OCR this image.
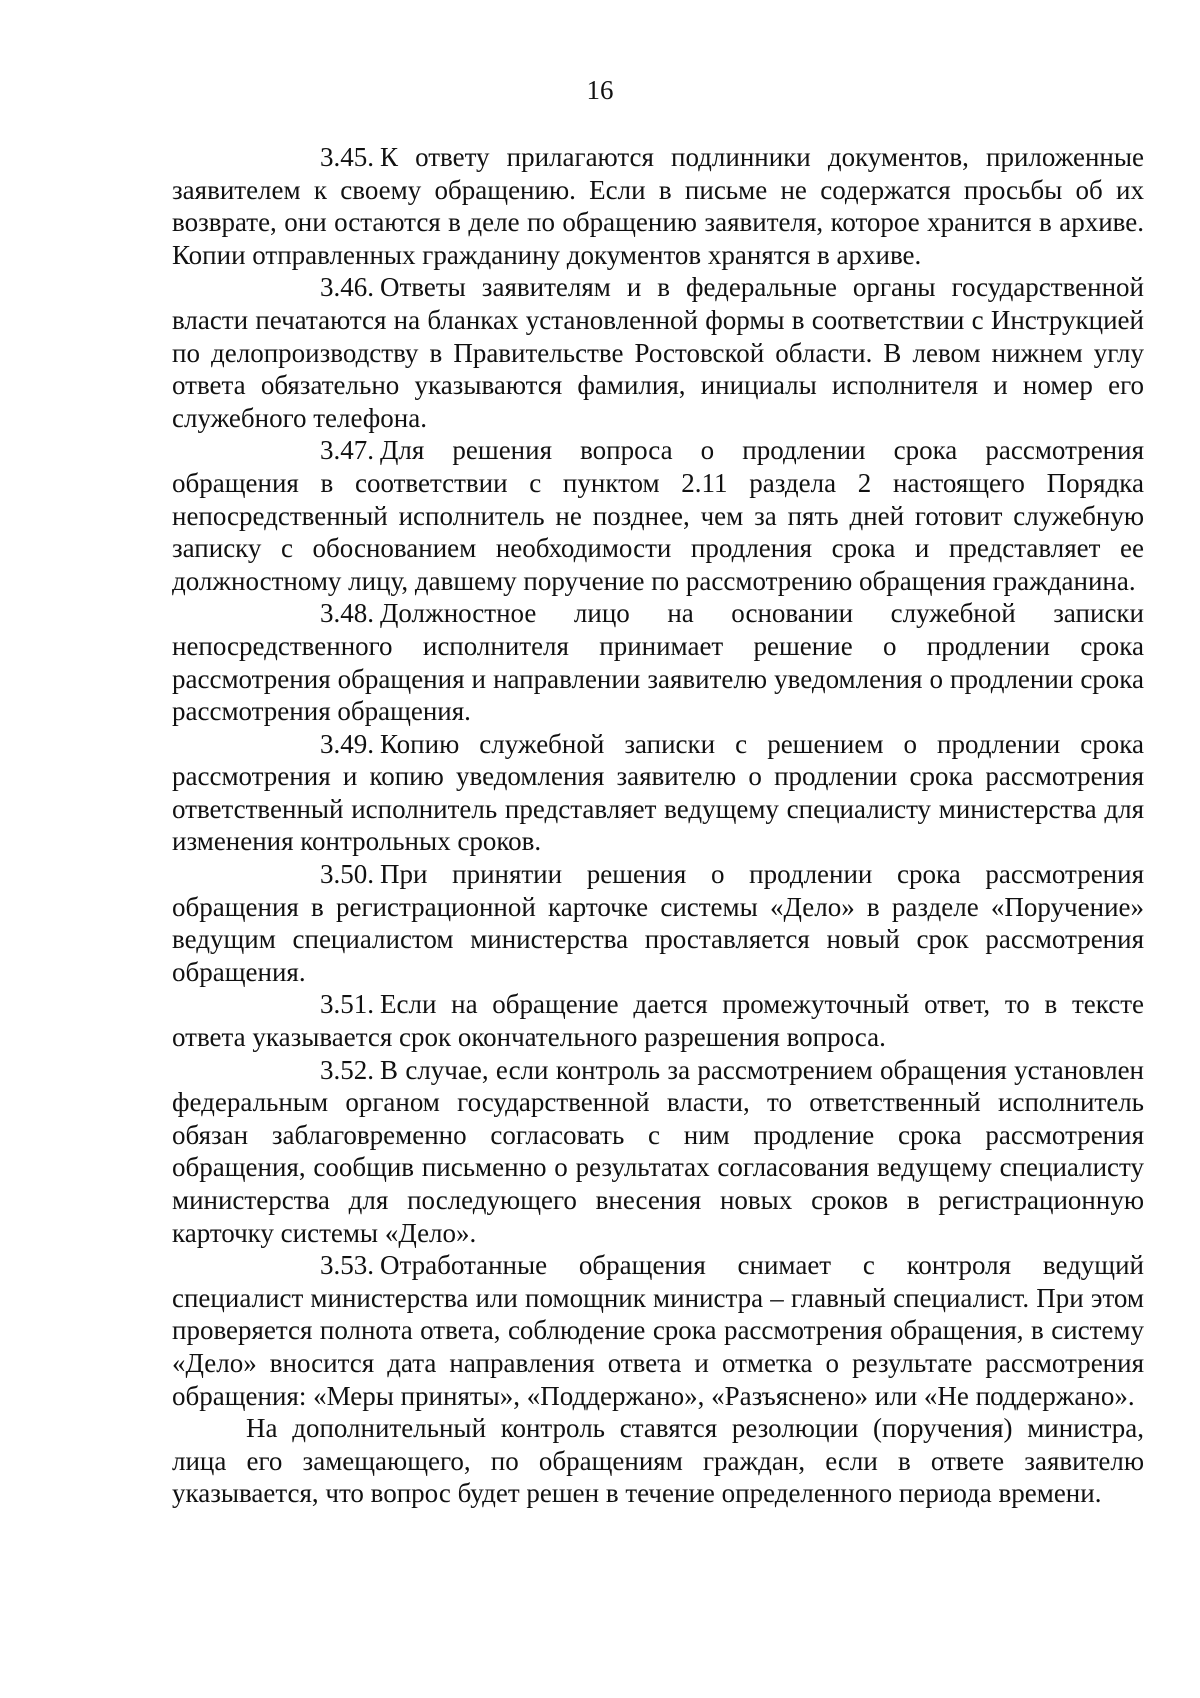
16

3.45. К ответу прилагаются подлинники документов, приложенные заявителем к своему обращению. Если в письме не содержатся просьбы об их возврате, они остаются в деле по обращению заявителя, которое хранится в архиве. Копии отправленных гражданину документов хранятся в архиве.

3.46. Ответы заявителям и в федеральные органы государственной власти печатаются на бланках установленной формы в соответствии с Инструкцией по делопроизводству в Правительстве Ростовской области. В левом нижнем углу ответа обязательно указываются фамилия, инициалы исполнителя и номер его служебного телефона.

3.47. Для решения вопроса о продлении срока рассмотрения обращения в соответствии с пунктом 2.11 раздела 2 настоящего Порядка непосредственный исполнитель не позднее, чем за пять дней готовит служебную записку с обоснованием необходимости продления срока и представляет ее должностному лицу, давшему поручение по рассмотрению обращения гражданина.

3.48. Должностное лицо на основании служебной записки непосредственного исполнителя принимает решение о продлении срока рассмотрения обращения и направлении заявителю уведомления о продлении срока рассмотрения обращения.

3.49. Копию служебной записки с решением о продлении срока рассмотрения и копию уведомления заявителю о продлении срока рассмотрения ответственный исполнитель представляет ведущему специалисту министерства для изменения контрольных сроков.

3.50. При принятии решения о продлении срока рассмотрения обращения в регистрационной карточке системы «Дело» в разделе «Поручение» ведущим специалистом министерства проставляется новый срок рассмотрения обращения.

3.51. Если на обращение дается промежуточный ответ, то в тексте ответа указывается срок окончательного разрешения вопроса.

3.52. В случае, если контроль за рассмотрением обращения установлен федеральным органом государственной власти, то ответственный исполнитель обязан заблаговременно согласовать с ним продление срока рассмотрения обращения, сообщив письменно о результатах согласования ведущему специалисту министерства для последующего внесения новых сроков в регистрационную карточку системы «Дело».

3.53. Отработанные обращения снимает с контроля ведущий специалист министерства или помощник министра – главный специалист. При этом проверяется полнота ответа, соблюдение срока рассмотрения обращения, в систему «Дело» вносится дата направления ответа и отметка о результате рассмотрения обращения: «Меры приняты», «Поддержано», «Разъяснено» или «Не поддержано».

На дополнительный контроль ставятся резолюции (поручения) министра, лица его замещающего, по обращениям граждан, если в ответе заявителю указывается, что вопрос будет решен в течение определенного периода времени.
